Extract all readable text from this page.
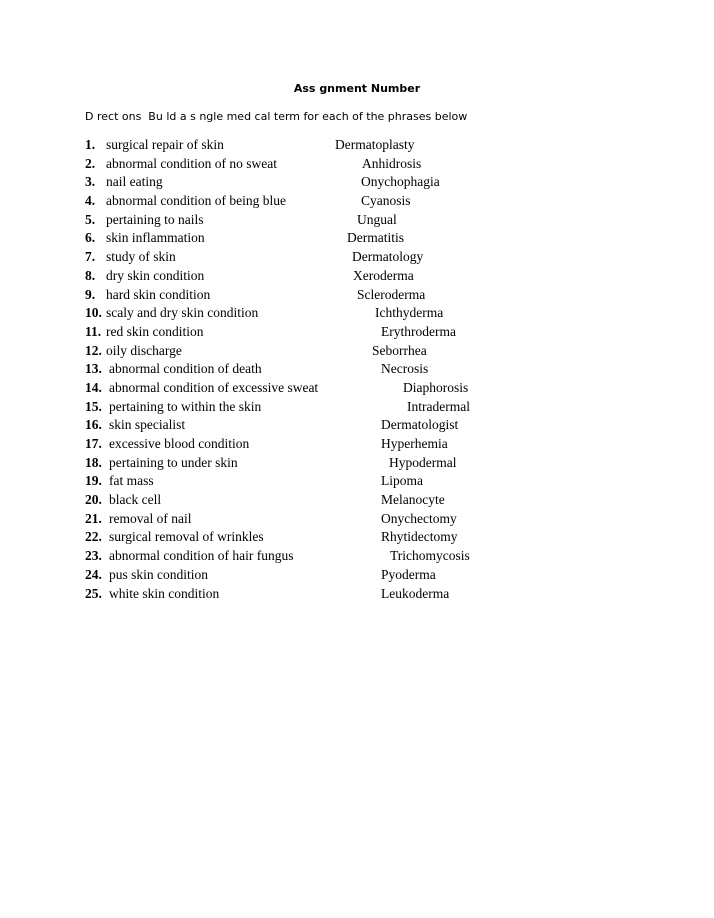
Ass gnment Number
D rect ons  Bu ld a s ngle med cal term for each of the phrases below
1. surgical repair of skin	Dermatoplasty
2. abnormal condition of no sweat	Anhidrosis
3. nail eating	Onychophagia
4. abnormal condition of being blue	Cyanosis
5. pertaining to nails	Ungual
6. skin inflammation	Dermatitis
7. study of skin	Dermatology
8. dry skin condition	Xeroderma
9. hard skin condition	Scleroderma
10. scaly and dry skin condition	Ichthyderma
11. red skin condition	Erythroderma
12. oily discharge	Seborrhea
13. abnormal condition of death	Necrosis
14. abnormal condition of excessive sweat	Diaphorosis
15. pertaining to within the skin	Intradermal
16. skin specialist	Dermatologist
17. excessive blood condition	Hyperhemia
18. pertaining to under skin	Hypodermal
19. fat mass	Lipoma
20. black cell	Melanocyte
21. removal of nail	Onychectomy
22. surgical removal of wrinkles	Rhytidectomy
23. abnormal condition of hair fungus	Trichomycosis
24. pus skin condition	Pyoderma
25. white skin condition	Leukoderma
